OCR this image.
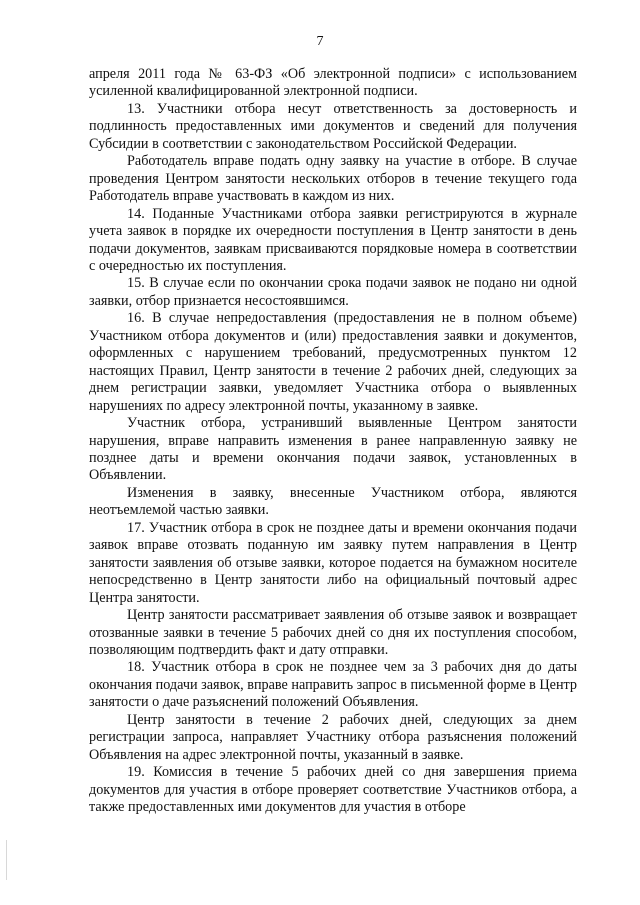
7

апреля 2011 года № 63-ФЗ «Об электронной подписи» с использованием усиленной квалифицированной электронной подписи.

13. Участники отбора несут ответственность за достоверность и подлинность предоставленных ими документов и сведений для получения Субсидии в соответствии с законодательством Российской Федерации.

Работодатель вправе подать одну заявку на участие в отборе. В случае проведения Центром занятости нескольких отборов в течение текущего года Работодатель вправе участвовать в каждом из них.

14. Поданные Участниками отбора заявки регистрируются в журнале учета заявок в порядке их очередности поступления в Центр занятости в день подачи документов, заявкам присваиваются порядковые номера в соответствии с очередностью их поступления.

15. В случае если по окончании срока подачи заявок не подано ни одной заявки, отбор признается несостоявшимся.

16. В случае непредоставления (предоставления не в полном объеме) Участником отбора документов и (или) предоставления заявки и документов, оформленных с нарушением требований, предусмотренных пунктом 12 настоящих Правил, Центр занятости в течение 2 рабочих дней, следующих за днем регистрации заявки, уведомляет Участника отбора о выявленных нарушениях по адресу электронной почты, указанному в заявке.

Участник отбора, устранивший выявленные Центром занятости нарушения, вправе направить изменения в ранее направленную заявку не позднее даты и времени окончания подачи заявок, установленных в Объявлении.

Изменения в заявку, внесенные Участником отбора, являются неотъемлемой частью заявки.

17. Участник отбора в срок не позднее даты и времени окончания подачи заявок вправе отозвать поданную им заявку путем направления в Центр занятости заявления об отзыве заявки, которое подается на бумажном носителе непосредственно в Центр занятости либо на официальный почтовый адрес Центра занятости.

Центр занятости рассматривает заявления об отзыве заявок и возвращает отозванные заявки в течение 5 рабочих дней со дня их поступления способом, позволяющим подтвердить факт и дату отправки.

18. Участник отбора в срок не позднее чем за 3 рабочих дня до даты окончания подачи заявок, вправе направить запрос в письменной форме в Центр занятости о даче разъяснений положений Объявления.

Центр занятости в течение 2 рабочих дней, следующих за днем регистрации запроса, направляет Участнику отбора разъяснения положений Объявления на адрес электронной почты, указанный в заявке.

19. Комиссия в течение 5 рабочих дней со дня завершения приема документов для участия в отборе проверяет соответствие Участников отбора, а также предоставленных ими документов для участия в отборе
